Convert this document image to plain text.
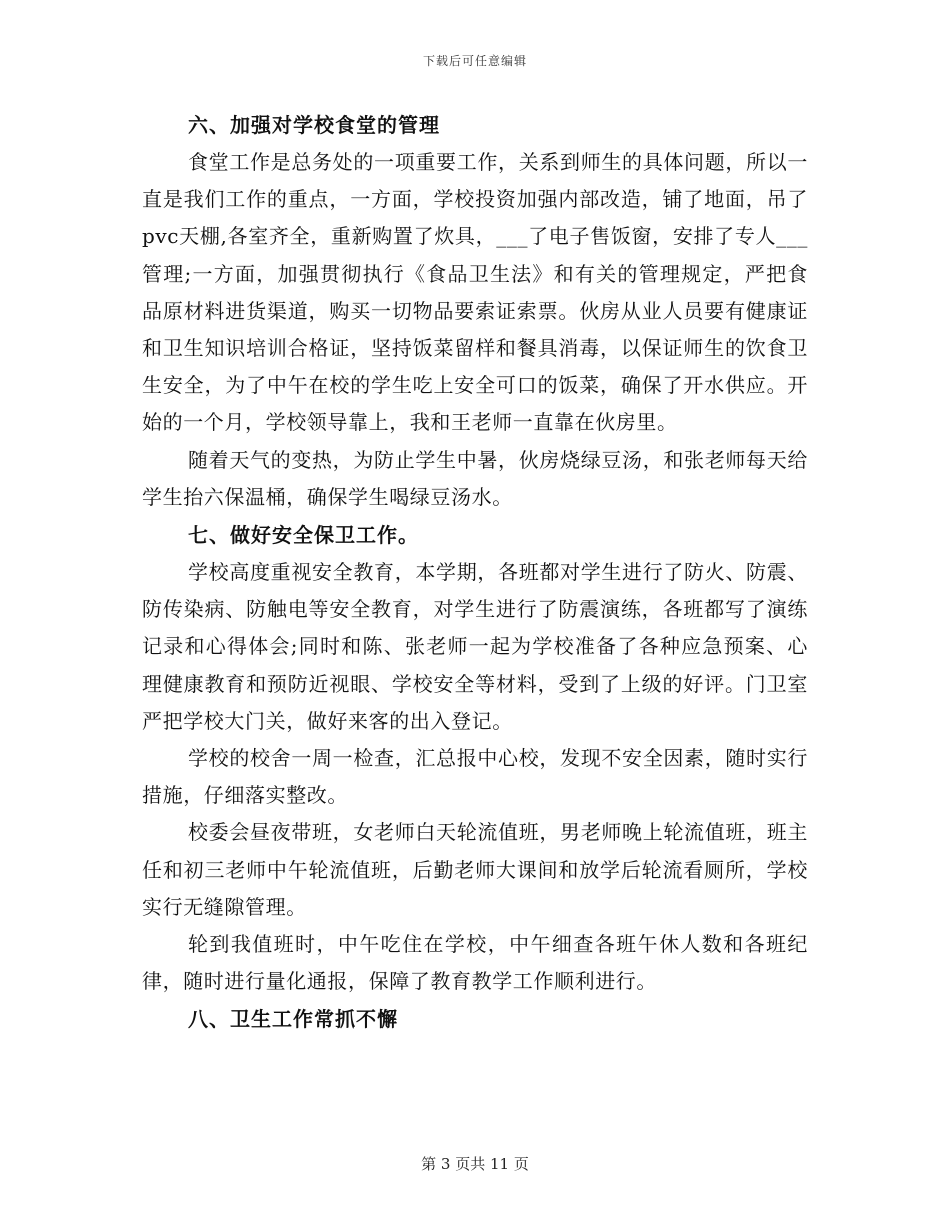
下载后可任意编辑
六、加强对学校食堂的管理

食堂工作是总务处的一项重要工作，关系到师生的具体问题，所以一直是我们工作的重点，一方面，学校投资加强内部改造，铺了地面，吊了pvc天棚,各室齐全，重新购置了炊具，___了电子售饭窗，安排了专人___管理;一方面，加强贯彻执行《食品卫生法》和有关的管理规定，严把食品原材料进货渠道，购买一切物品要索证索票。伙房从业人员要有健康证和卫生知识培训合格证，坚持饭菜留样和餐具消毒，以保证师生的饮食卫生安全，为了中午在校的学生吃上安全可口的饭菜，确保了开水供应。开始的一个月，学校领导靠上，我和王老师一直靠在伙房里。

随着天气的变热，为防止学生中暑，伙房烧绿豆汤，和张老师每天给学生抬六保温桶，确保学生喝绿豆汤水。

七、做好安全保卫工作。

学校高度重视安全教育，本学期，各班都对学生进行了防火、防震、防传染病、防触电等安全教育，对学生进行了防震演练，各班都写了演练记录和心得体会;同时和陈、张老师一起为学校准备了各种应急预案、心理健康教育和预防近视眼、学校安全等材料，受到了上级的好评。门卫室严把学校大门关，做好来客的出入登记。

学校的校舍一周一检查，汇总报中心校，发现不安全因素，随时实行措施，仔细落实整改。

校委会昼夜带班，女老师白天轮流值班，男老师晚上轮流值班，班主任和初三老师中午轮流值班，后勤老师大课间和放学后轮流看厕所，学校实行无缝隙管理。

轮到我值班时，中午吃住在学校，中午细查各班午休人数和各班纪律，随时进行量化通报，保障了教育教学工作顺利进行。

八、卫生工作常抓不懈
第 3 页共 11 页
